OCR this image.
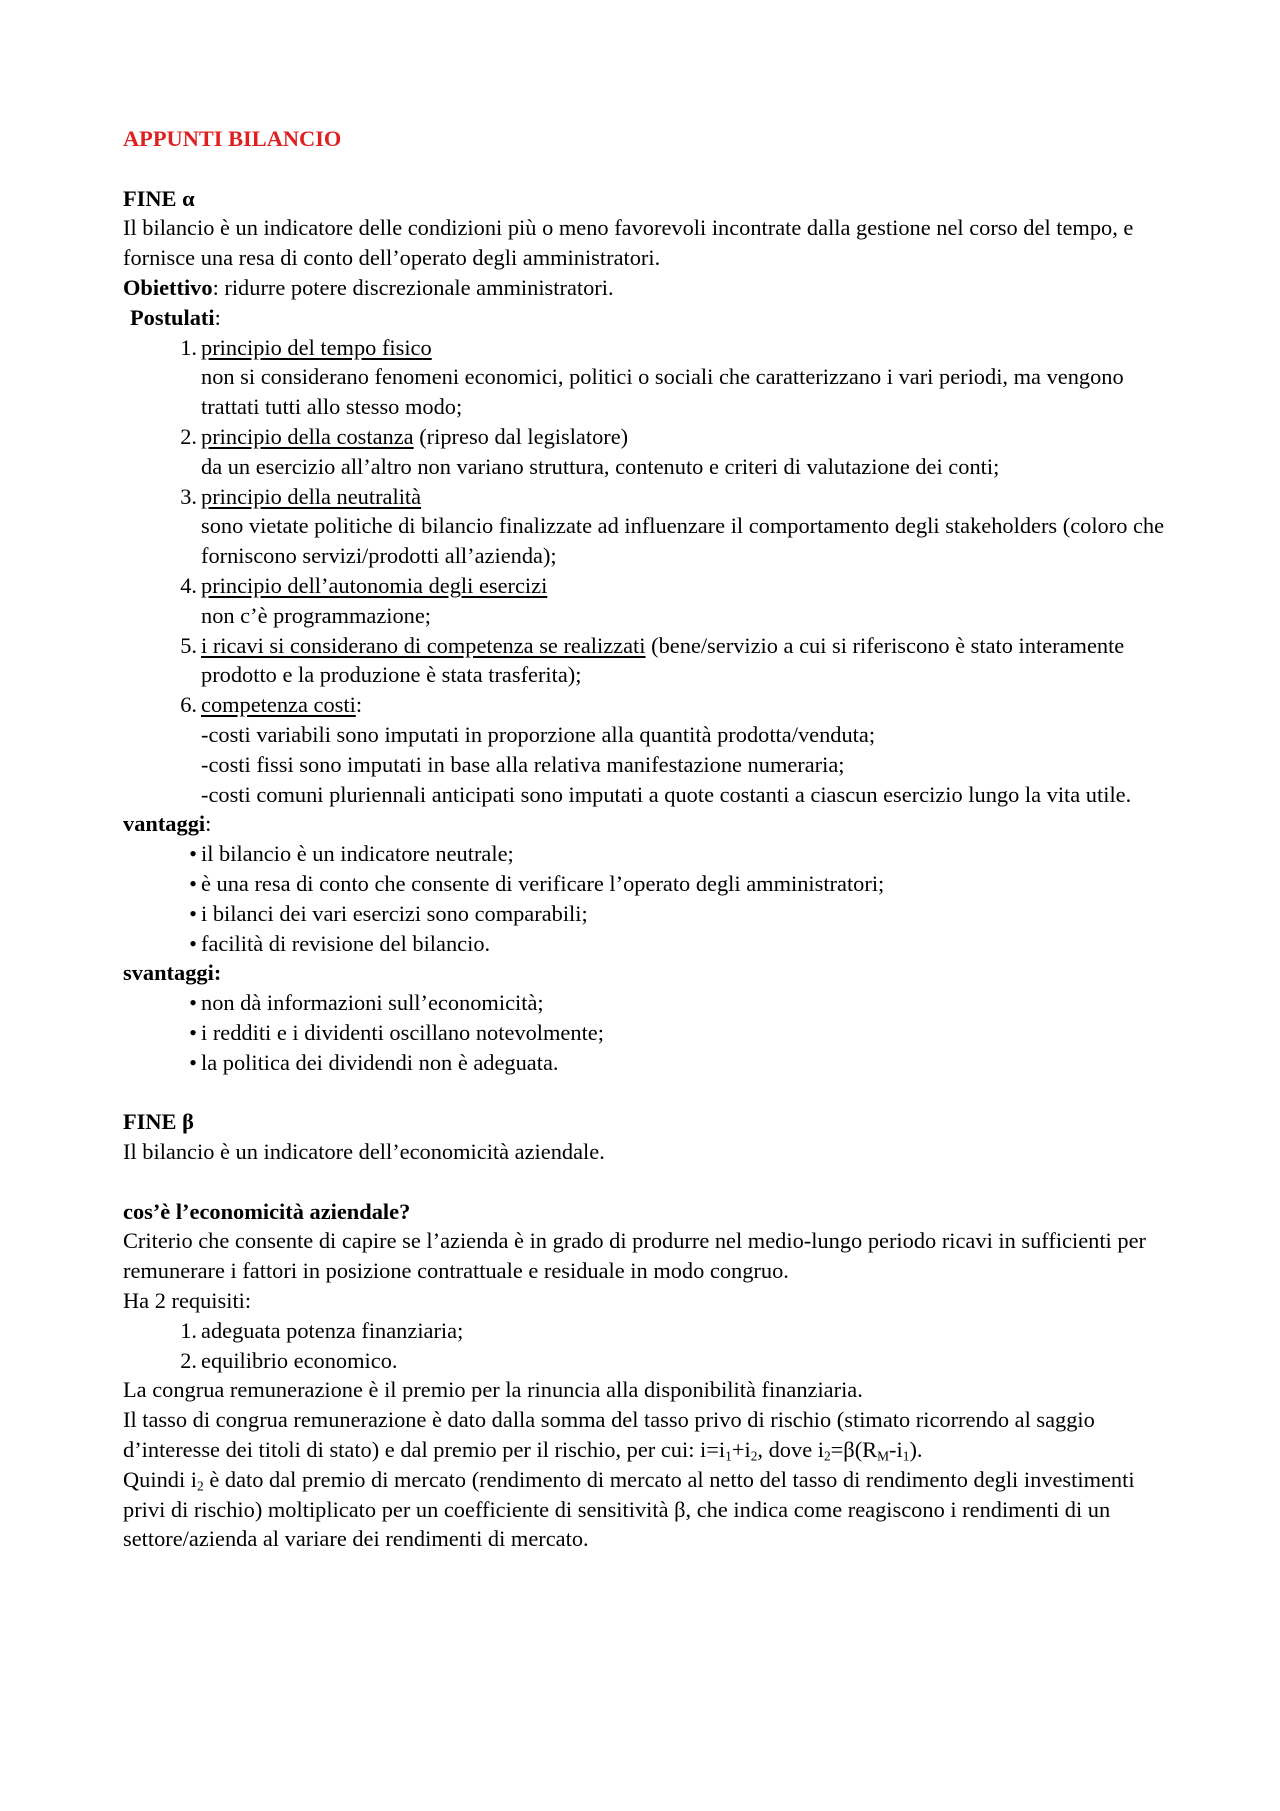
APPUNTI BILANCIO
FINE α
Il bilancio è un indicatore delle condizioni più o meno favorevoli incontrate dalla gestione nel corso del tempo, e fornisce una resa di conto dell’operato degli amministratori.
Obiettivo: ridurre potere discrezionale amministratori.
Postulati:
1. principio del tempo fisico
non si considerano fenomeni economici, politici o sociali che caratterizzano i vari periodi, ma vengono trattati tutti allo stesso modo;
2. principio della costanza (ripreso dal legislatore)
da un esercizio all’altro non variano struttura, contenuto e criteri di valutazione dei conti;
3. principio della neutralità
sono vietate politiche di bilancio finalizzate ad influenzare il comportamento degli stakeholders (coloro che forniscono servizi/prodotti all’azienda);
4. principio dell’autonomia degli esercizi
non c’è programmazione;
5. i ricavi si considerano di competenza se realizzati (bene/servizio a cui si riferiscono è stato interamente prodotto e la produzione è stata trasferita);
6. competenza costi:
-costi variabili sono imputati in proporzione alla quantità prodotta/venduta;
-costi fissi sono imputati in base alla relativa manifestazione numeraria;
-costi comuni pluriennali anticipati sono imputati a quote costanti a ciascun esercizio lungo la vita utile.
vantaggi:
• il bilancio è un indicatore neutrale;
• è una resa di conto che consente di verificare l’operato degli amministratori;
• i bilanci dei vari esercizi sono comparabili;
• facilità di revisione del bilancio.
svantaggi:
• non dà informazioni sull’economicità;
• i redditi e i dividenti oscillano notevolmente;
• la politica dei dividendi non è adeguata.
FINE β
Il bilancio è un indicatore dell’economicità aziendale.
cos’è l’economicità aziendale?
Criterio che consente di capire se l’azienda è in grado di produrre nel medio-lungo periodo ricavi in sufficienti per remunerare i fattori in posizione contrattuale e residuale in modo congruo.
Ha 2 requisiti:
1. adeguata potenza finanziaria;
2. equilibrio economico.
La congrua remunerazione è il premio per la rinuncia alla disponibilità finanziaria.
Il tasso di congrua remunerazione è dato dalla somma del tasso privo di rischio (stimato ricorrendo al saggio d’interesse dei titoli di stato) e dal premio per il rischio, per cui: $i=i_1+i_2$, dove $i_2=\beta(R_M-i_1)$.
Quindi $i_2$ è dato dal premio di mercato (rendimento di mercato al netto del tasso di rendimento degli investimenti privi di rischio) moltiplicato per un coefficiente di sensitività β, che indica come reagiscono i rendimenti di un settore/azienda al variare dei rendimenti di mercato.
